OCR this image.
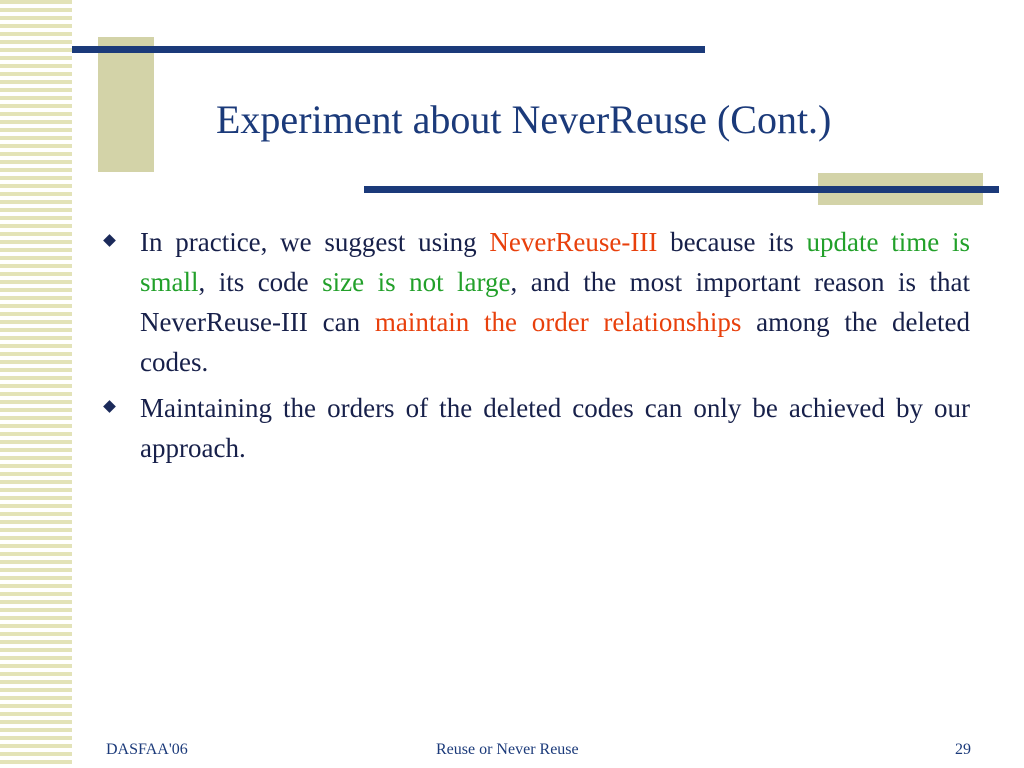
Experiment about NeverReuse (Cont.)
In practice, we suggest using NeverReuse-III because its update time is small, its code size is not large, and the most important reason is that NeverReuse-III can maintain the order relationships among the deleted codes.
Maintaining the orders of the deleted codes can only be achieved by our approach.
DASFAA'06	Reuse or Never Reuse	29
